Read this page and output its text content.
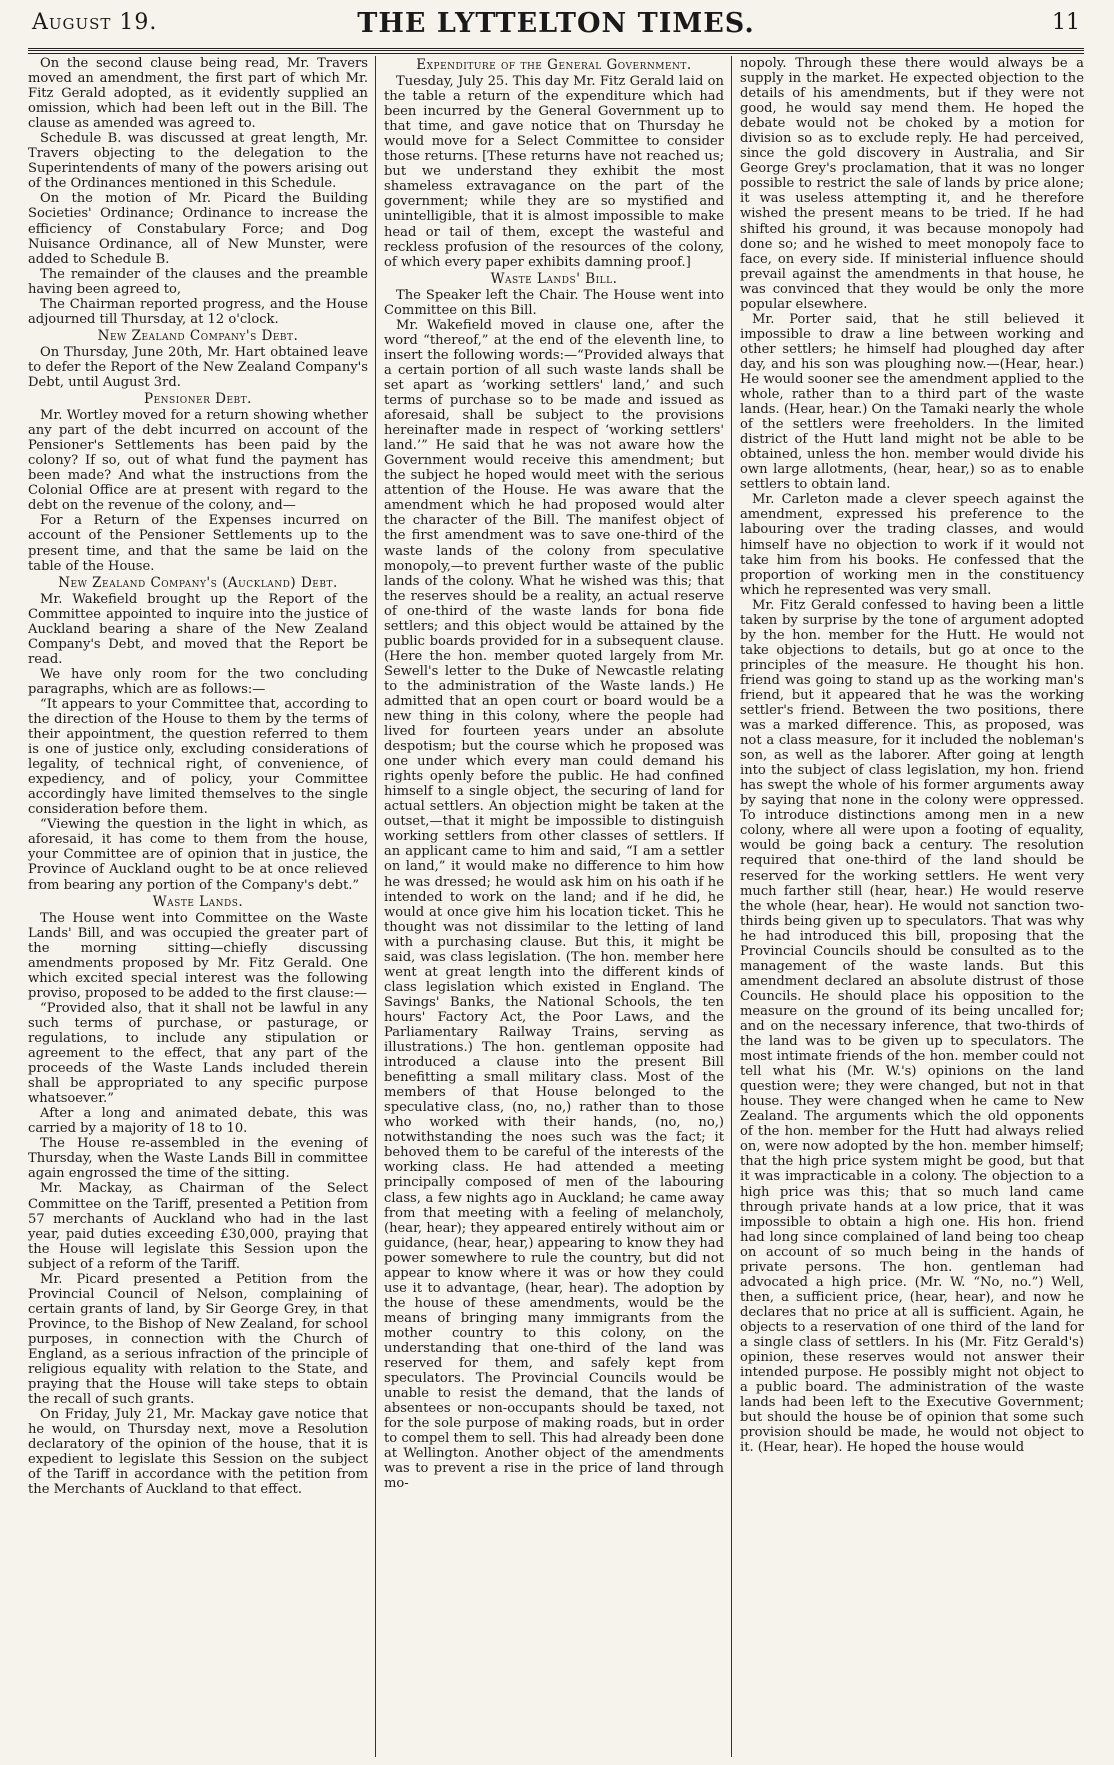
August 19.	THE LYTTELTON TIMES.	11

On the second clause being read, Mr. Travers moved an amendment, the first part of which Mr. Fitz Gerald adopted, as it evidently supplied an omission, which had been left out in the Bill. The clause as amended was agreed to.

Schedule B. was discussed at great length, Mr. Travers objecting to the delegation to the Superintendents of many of the powers arising out of the Ordinances mentioned in this Schedule.

On the motion of Mr. Picard the Building Societies' Ordinance; Ordinance to increase the efficiency of Constabulary Force; and Dog Nuisance Ordinance, all of New Munster, were added to Schedule B.

The remainder of the clauses and the preamble having been agreed to,

The Chairman reported progress, and the House adjourned till Thursday, at 12 o'clock.

New Zealand Company's Debt.

On Thursday, June 20th, Mr. Hart obtained leave to defer the Report of the New Zealand Company's Debt, until August 3rd.

Pensioner Debt.

Mr. Wortley moved for a return showing whether any part of the debt incurred on account of the Pensioner's Settlements has been paid by the colony? If so, out of what fund the payment has been made? And what the instructions from the Colonial Office are at present with regard to the debt on the revenue of the colony, and—

For a Return of the Expenses incurred on account of the Pensioner Settlements up to the present time, and that the same be laid on the table of the House.

New Zealand Company's (Auckland) Debt.

Mr. Wakefield brought up the Report of the Committee appointed to inquire into the justice of Auckland bearing a share of the New Zealand Company's Debt, and moved that the Report be read.

We have only room for the two concluding paragraphs, which are as follows:—

“It appears to your Committee that, according to the direction of the House to them by the terms of their appointment, the question referred to them is one of justice only, excluding considerations of legality, of technical right, of convenience, of expediency, and of policy, your Committee accordingly have limited themselves to the single consideration before them.

“Viewing the question in the light in which, as aforesaid, it has come to them from the house, your Committee are of opinion that in justice, the Province of Auckland ought to be at once relieved from bearing any portion of the Company's debt.”

Waste Lands.

The House went into Committee on the Waste Lands' Bill, and was occupied the greater part of the morning sitting—chiefly discussing amendments proposed by Mr. Fitz Gerald. One which excited special interest was the following proviso, proposed to be added to the first clause:—

“Provided also, that it shall not be lawful in any such terms of purchase, or pasturage, or regulations, to include any stipulation or agreement to the effect, that any part of the proceeds of the Waste Lands included therein shall be appropriated to any specific purpose whatsoever.”

After a long and animated debate, this was carried by a majority of 18 to 10.

The House re-assembled in the evening of Thursday, when the Waste Lands Bill in committee again engrossed the time of the sitting.

Mr. Mackay, as Chairman of the Select Committee on the Tariff, presented a Petition from 57 merchants of Auckland who had in the last year, paid duties exceeding £30,000, praying that the House will legislate this Session upon the subject of a reform of the Tariff.

Mr. Picard presented a Petition from the Provincial Council of Nelson, complaining of certain grants of land, by Sir George Grey, in that Province, to the Bishop of New Zealand, for school purposes, in connection with the Church of England, as a serious infraction of the principle of religious equality with relation to the State, and praying that the House will take steps to obtain the recall of such grants.

On Friday, July 21, Mr. Mackay gave notice that he would, on Thursday next, move a Resolution declaratory of the opinion of the house, that it is expedient to legislate this Session on the subject of the Tariff in accordance with the petition from the Merchants of Auckland to that effect.

Expenditure of the General Government.

Tuesday, July 25. This day Mr. Fitz Gerald laid on the table a return of the expenditure which had been incurred by the General Government up to that time, and gave notice that on Thursday he would move for a Select Committee to consider those returns. [These returns have not reached us; but we understand they exhibit the most shameless extravagance on the part of the government; while they are so mystified and unintelligible, that it is almost impossible to make head or tail of them, except the wasteful and reckless profusion of the resources of the colony, of which every paper exhibits damning proof.]

Waste Lands' Bill.

The Speaker left the Chair. The House went into Committee on this Bill.

Mr. Wakefield moved in clause one, after the word “thereof,” at the end of the eleventh line, to insert the following words:—“Provided always that a certain portion of all such waste lands shall be set apart as ‘working settlers' land,’ and such terms of purchase so to be made and issued as aforesaid, shall be subject to the provisions hereinafter made in respect of ‘working settlers' land.’” He said that he was not aware how the Government would receive this amendment; but the subject he hoped would meet with the serious attention of the House. He was aware that the amendment which he had proposed would alter the character of the Bill. The manifest object of the first amendment was to save one-third of the waste lands of the colony from speculative monopoly,—to prevent further waste of the public lands of the colony. What he wished was this; that the reserves should be a reality, an actual reserve of one-third of the waste lands for bona fide settlers; and this object would be attained by the public boards provided for in a subsequent clause. (Here the hon. member quoted largely from Mr. Sewell's letter to the Duke of Newcastle relating to the administration of the Waste lands.) He admitted that an open court or board would be a new thing in this colony, where the people had lived for fourteen years under an absolute despotism; but the course which he proposed was one under which every man could demand his rights openly before the public. He had confined himself to a single object, the securing of land for actual settlers. An objection might be taken at the outset,—that it might be impossible to distinguish working settlers from other classes of settlers. If an applicant came to him and said, “I am a settler on land,” it would make no difference to him how he was dressed; he would ask him on his oath if he intended to work on the land; and if he did, he would at once give him his location ticket. This he thought was not dissimilar to the letting of land with a purchasing clause. But this, it might be said, was class legislation. (The hon. member here went at great length into the different kinds of class legislation which existed in England. The Savings' Banks, the National Schools, the ten hours' Factory Act, the Poor Laws, and the Parliamentary Railway Trains, serving as illustrations.) The hon. gentleman opposite had introduced a clause into the present Bill benefitting a small military class. Most of the members of that House belonged to the speculative class, (no, no,) rather than to those who worked with their hands, (no, no,) notwithstanding the noes such was the fact; it behoved them to be careful of the interests of the working class. He had attended a meeting principally composed of men of the labouring class, a few nights ago in Auckland; he came away from that meeting with a feeling of melancholy, (hear, hear); they appeared entirely without aim or guidance, (hear, hear,) appearing to know they had power somewhere to rule the country, but did not appear to know where it was or how they could use it to advantage, (hear, hear). The adoption by the house of these amendments, would be the means of bringing many immigrants from the mother country to this colony, on the understanding that one-third of the land was reserved for them, and safely kept from speculators. The Provincial Councils would be unable to resist the demand, that the lands of absentees or non-occupants should be taxed, not for the sole purpose of making roads, but in order to compel them to sell. This had already been done at Wellington. Another object of the amendments was to prevent a rise in the price of land through mo-

nopoly. Through these there would always be a supply in the market. He expected objection to the details of his amendments, but if they were not good, he would say mend them. He hoped the debate would not be choked by a motion for division so as to exclude reply. He had perceived, since the gold discovery in Australia, and Sir George Grey's proclamation, that it was no longer possible to restrict the sale of lands by price alone; it was useless attempting it, and he therefore wished the present means to be tried. If he had shifted his ground, it was because monopoly had done so; and he wished to meet monopoly face to face, on every side. If ministerial influence should prevail against the amendments in that house, he was convinced that they would be only the more popular elsewhere.

Mr. Porter said, that he still believed it impossible to draw a line between working and other settlers; he himself had ploughed day after day, and his son was ploughing now.—(Hear, hear.) He would sooner see the amendment applied to the whole, rather than to a third part of the waste lands. (Hear, hear.) On the Tamaki nearly the whole of the settlers were freeholders. In the limited district of the Hutt land might not be able to be obtained, unless the hon. member would divide his own large allotments, (hear, hear,) so as to enable settlers to obtain land.

Mr. Carleton made a clever speech against the amendment, expressed his preference to the labouring over the trading classes, and would himself have no objection to work if it would not take him from his books. He confessed that the proportion of working men in the constituency which he represented was very small.

Mr. Fitz Gerald confessed to having been a little taken by surprise by the tone of argument adopted by the hon. member for the Hutt. He would not take objections to details, but go at once to the principles of the measure. He thought his hon. friend was going to stand up as the working man's friend, but it appeared that he was the working settler's friend. Between the two positions, there was a marked difference. This, as proposed, was not a class measure, for it included the nobleman's son, as well as the laborer. After going at length into the subject of class legislation, my hon. friend has swept the whole of his former arguments away by saying that none in the colony were oppressed. To introduce distinctions among men in a new colony, where all were upon a footing of equality, would be going back a century. The resolution required that one-third of the land should be reserved for the working settlers. He went very much farther still (hear, hear.) He would reserve the whole (hear, hear). He would not sanction two-thirds being given up to speculators. That was why he had introduced this bill, proposing that the Provincial Councils should be consulted as to the management of the waste lands. But this amendment declared an absolute distrust of those Councils. He should place his opposition to the measure on the ground of its being uncalled for; and on the necessary inference, that two-thirds of the land was to be given up to speculators. The most intimate friends of the hon. member could not tell what his (Mr. W.'s) opinions on the land question were; they were changed, but not in that house. They were changed when he came to New Zealand. The arguments which the old opponents of the hon. member for the Hutt had always relied on, were now adopted by the hon. member himself; that the high price system might be good, but that it was impracticable in a colony. The objection to a high price was this; that so much land came through private hands at a low price, that it was impossible to obtain a high one. His hon. friend had long since complained of land being too cheap on account of so much being in the hands of private persons. The hon. gentleman had advocated a high price. (Mr. W. “No, no.”) Well, then, a sufficient price, (hear, hear), and now he declares that no price at all is sufficient. Again, he objects to a reservation of one third of the land for a single class of settlers. In his (Mr. Fitz Gerald's) opinion, these reserves would not answer their intended purpose. He possibly might not object to a public board. The administration of the waste lands had been left to the Executive Government; but should the house be of opinion that some such provision should be made, he would not object to it. (Hear, hear). He hoped the house would
